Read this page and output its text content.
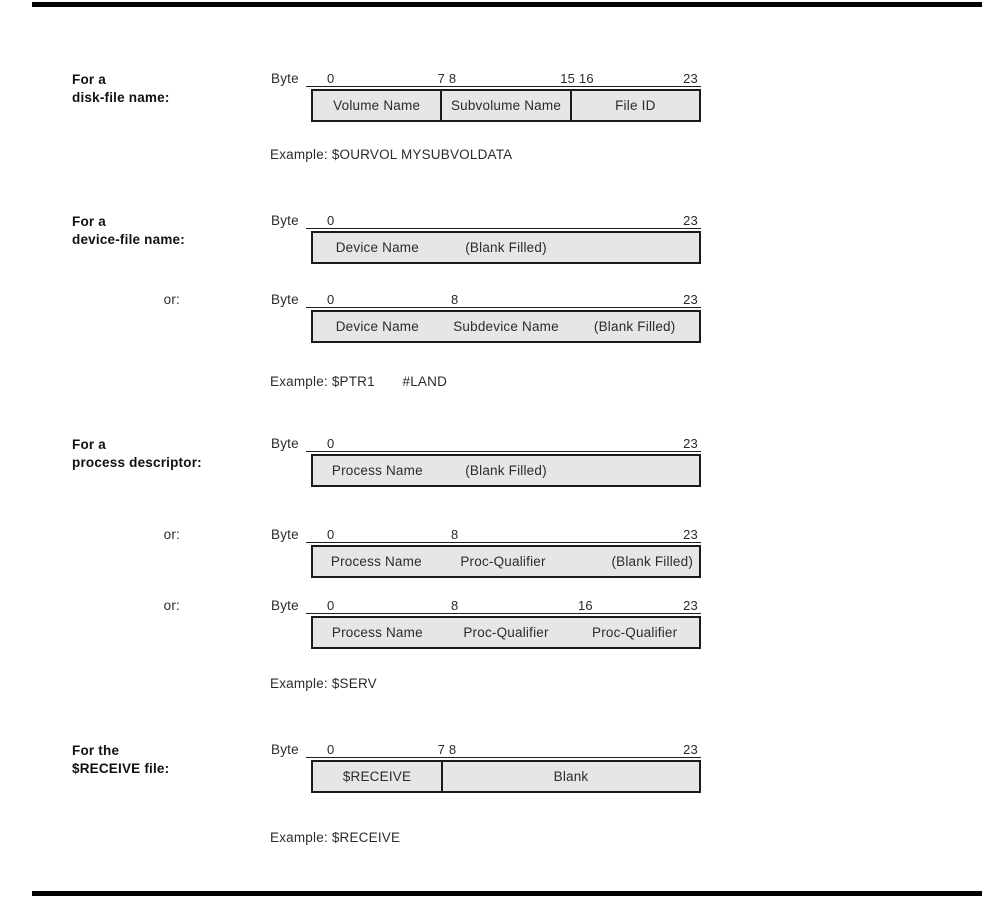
For a
disk-file name:
Byte 0	7 8	15 16	23
Volume Name	Subvolume Name	File ID
Example: $OURVOL MYSUBVOLDATA
For a
device-file name:
Byte 0	23
Device Name	(Blank Filled)
or:	Byte 0	8	23
Device Name	Subdevice Name	(Blank Filled)
Example: $PTR1       #LAND
For a
process descriptor:
Byte 0	23
Process Name	(Blank Filled)
or:	Byte 0	8	23
Process Name	Proc-Qualifier	(Blank Filled)
or:	Byte 0	8	16	23
Process Name	Proc-Qualifier	Proc-Qualifier
Example: $SERV
For the
$RECEIVE file:
Byte 0	7 8	23
$RECEIVE	Blank
Example: $RECEIVE
